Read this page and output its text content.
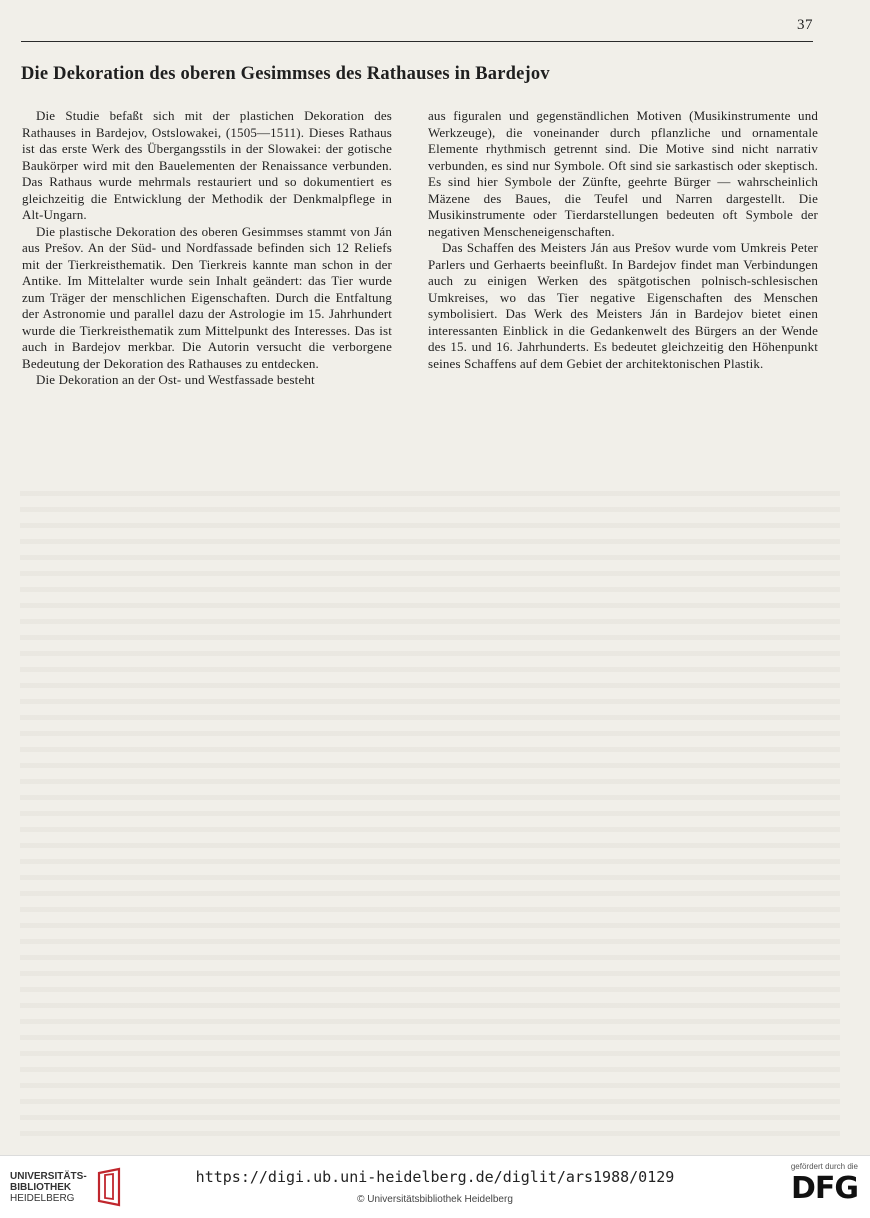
37
Die Dekoration des oberen Gesimmses des Rathauses in Bardejov

Die Studie befaßt sich mit der plastichen Dekoration des Rathauses in Bardejov, Ostslowakei, (1505—1511). Dieses Rathaus ist das erste Werk des Übergangsstils in der Slowakei: der gotische Baukörper wird mit den Bauelementen der Renaissance verbunden. Das Rathaus wurde mehrmals restauriert und so dokumentiert es gleichzeitig die Entwicklung der Methodik der Denkmalpflege in Alt-Ungarn.

Die plastische Dekoration des oberen Gesimmses stammt von Ján aus Prešov. An der Süd- und Nordfassade befinden sich 12 Reliefs mit der Tierkreisthematik. Den Tierkreis kannte man schon in der Antike. Im Mittelalter wurde sein Inhalt geändert: das Tier wurde zum Träger der menschlichen Eigenschaften. Durch die Entfaltung der Astronomie und parallel dazu der Astrologie im 15. Jahrhundert wurde die Tierkreisthematik zum Mittelpunkt des Interesses. Das ist auch in Bardejov merkbar. Die Autorin versucht die verborgene Bedeutung der Dekoration des Rathauses zu entdecken.

Die Dekoration an der Ost- und Westfassade besteht

aus figuralen und gegenständlichen Motiven (Musikinstrumente und Werkzeuge), die voneinander durch pflanzliche und ornamentale Elemente rhythmisch getrennt sind. Die Motive sind nicht narrativ verbunden, es sind nur Symbole. Oft sind sie sarkastisch oder skeptisch. Es sind hier Symbole der Zünfte, geehrte Bürger — wahrscheinlich Mäzene des Baues, die Teufel und Narren dargestellt. Die Musikinstrumente oder Tierdarstellungen bedeuten oft Symbole der negativen Menscheneigenschaften.

Das Schaffen des Meisters Ján aus Prešov wurde vom Umkreis Peter Parlers und Gerhaerts beeinflußt. In Bardejov findet man Verbindungen auch zu einigen Werken des spätgotischen polnisch-schlesischen Umkreises, wo das Tier negative Eigenschaften des Menschen symbolisiert. Das Werk des Meisters Ján in Bardejov bietet einen interessanten Einblick in die Gedankenwelt des Bürgers an der Wende des 15. und 16. Jahrhunderts. Es bedeutet gleichzeitig den Höhenpunkt seines Schaffens auf dem Gebiet der architektonischen Plastik.

UNIVERSITÄTS-
BIBLIOTHEK
HEIDELBERG
https://digi.ub.uni-heidelberg.de/diglit/ars1988/0129
© Universitätsbibliothek Heidelberg
gefördert durch die
DFG
